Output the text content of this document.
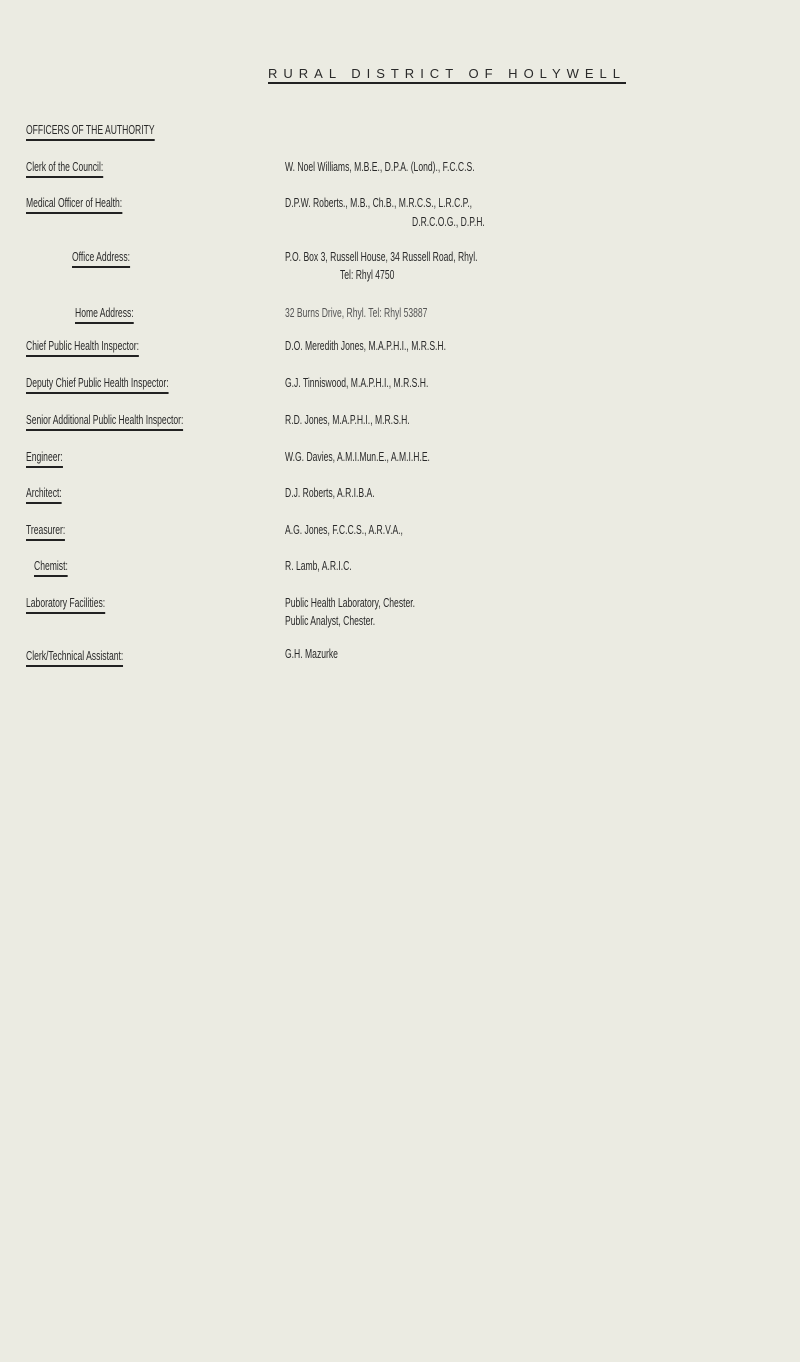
RURAL DISTRICT OF HOLYWELL
OFFICERS OF THE AUTHORITY
Clerk of the Council:	W. Noel Williams, M.B.E., D.P.A. (Lond)., F.C.C.S.
Medical Officer of Health:	D.P.W. Roberts., M.B., Ch.B., M.R.C.S., L.R.C.P.,
D.R.C.O.G., D.P.H.
Office Address:	P.O. Box 3, Russell House, 34 Russell Road, Rhyl.
Tel: Rhyl 4750
Home Address:	32 Burns Drive, Rhyl. Tel: Rhyl 53887
Chief Public Health Inspector:	D.O. Meredith Jones, M.A.P.H.I., M.R.S.H.
Deputy Chief Public Health Inspector:	G.J. Tinniswood, M.A.P.H.I., M.R.S.H.
Senior Additional Public Health Inspector:	R.D. Jones, M.A.P.H.I., M.R.S.H.
Engineer:	W.G. Davies, A.M.I.Mun.E., A.M.I.H.E.
Architect:	D.J. Roberts, A.R.I.B.A.
Treasurer:	A.G. Jones, F.C.C.S., A.R.V.A.,
Chemist:	R. Lamb, A.R.I.C.
Laboratory Facilities:	Public Health Laboratory, Chester.
Public Analyst, Chester.
Clerk/Technical Assistant:	G.H. Mazurke
